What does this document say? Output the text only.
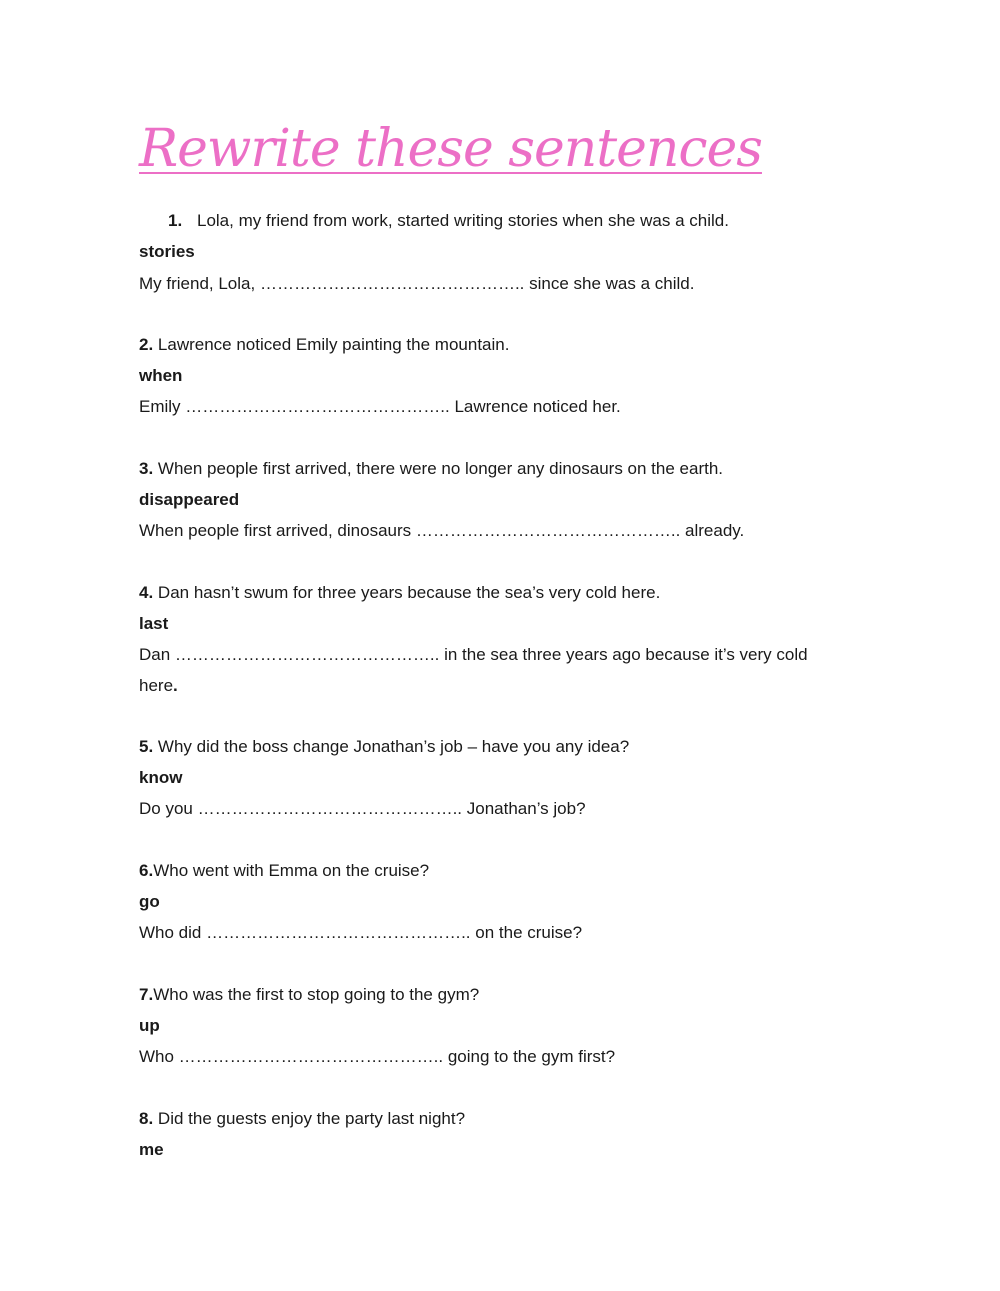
Rewrite these sentences
1. Lola, my friend from work, started writing stories when she was a child.
stories
My friend, Lola, ……………………………………….. since she was a child.
2. Lawrence noticed Emily painting the mountain.
when
Emily ……………………………………….. Lawrence noticed her.
3. When people first arrived, there were no longer any dinosaurs on the earth.
disappeared
When people first arrived, dinosaurs ……………………………………….. already.
4. Dan hasn’t swum for three years because the sea’s very cold here.
last
Dan ……………………………………….. in the sea three years ago because it’s very cold
here.
5. Why did the boss change Jonathan’s job – have you any idea?
know
Do you ……………………………………….. Jonathan’s job?
6.Who went with Emma on the cruise?
go
Who did ……………………………………….. on the cruise?
7.Who was the first to stop going to the gym?
up
Who ……………………………………….. going to the gym first?
8. Did the guests enjoy the party last night?
me
